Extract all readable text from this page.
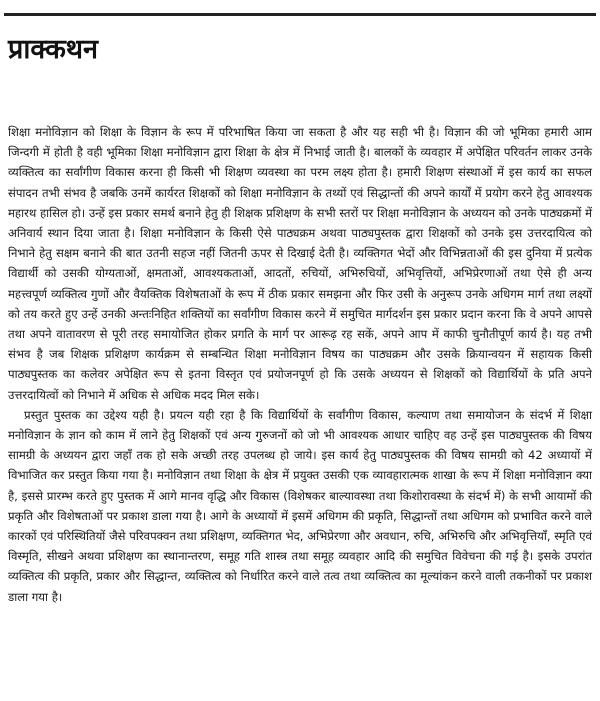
प्राक्कथन

शिक्षा मनोविज्ञान को शिक्षा के विज्ञान के रूप में परिभाषित किया जा सकता है और यह सही भी है। विज्ञान की जो भूमिका हमारी आम जिन्दगी में होती है वही भूमिका शिक्षा मनोविज्ञान द्वारा शिक्षा के क्षेत्र में निभाई जाती है। बालकों के व्यवहार में अपेक्षित परिवर्तन लाकर उनके व्यक्तित्व का सर्वांगीण विकास करना ही किसी भी शिक्षण व्यवस्था का परम लक्ष्य होता है। हमारी शिक्षण संस्थाओं में इस कार्य का सफल संपादन तभी संभव है जबकि उनमें कार्यरत शिक्षकों को शिक्षा मनोविज्ञान के तथ्यों एवं सिद्धान्तों की अपने कार्यों में प्रयोग करने हेतु आवश्यक महारथ हासिल हो। उन्हें इस प्रकार समर्थ बनाने हेतु ही शिक्षक प्रशिक्षण के सभी स्तरों पर शिक्षा मनोविज्ञान के अध्ययन को उनके पाठ्यक्रमों में अनिवार्य स्थान दिया जाता है। शिक्षा मनोविज्ञान के किसी ऐसे पाठ्यक्रम अथवा पाठ्यपुस्तक द्वारा शिक्षकों को उनके इस उत्तरदायित्व को निभाने हेतु सक्षम बनाने की बात उतनी सहज नहीं जितनी ऊपर से दिखाई देती है। व्यक्तिगत भेदों और विभिन्नताओं की इस दुनिया में प्रत्येक विद्यार्थी को उसकी योग्यताओं, क्षमताओं, आवश्यकताओं, आदतों, रुचियों, अभिरुचियों, अभिवृत्तियों, अभिप्रेरणाओं तथा ऐसे ही अन्य महत्त्वपूर्ण व्यक्तित्व गुणों और वैयक्तिक विशेषताओं के रूप में ठीक प्रकार समझना और फिर उसी के अनुरूप उनके अधिगम मार्ग तथा लक्ष्यों को तय करते हुए उन्हें उनकी अन्तःनिहित शक्तियों का सर्वांगीण विकास करने में समुचित मार्गदर्शन इस प्रकार प्रदान करना कि वे अपने आपसे तथा अपने वातावरण से पूरी तरह समायोजित होकर प्रगति के मार्ग पर आरूढ़ रह सकें, अपने आप में काफी चुनौतीपूर्ण कार्य है। यह तभी संभव है जब शिक्षक प्रशिक्षण कार्यक्रम से सम्बन्धित शिक्षा मनोविज्ञान विषय का पाठ्यक्रम और उसके क्रियान्वयन में सहायक किसी पाठ्यपुस्तक का कलेवर अपेक्षित रूप से इतना विस्तृत एवं प्रयोजनपूर्ण हो कि उसके अध्ययन से शिक्षकों को विद्यार्थियों के प्रति अपने उत्तरदायित्वों को निभाने में अधिक से अधिक मदद मिल सके।

प्रस्तुत पुस्तक का उद्देश्य यही है। प्रयत्न यही रहा है कि विद्यार्थियों के सर्वांगीण विकास, कल्याण तथा समायोजन के संदर्भ में शिक्षा मनोविज्ञान के ज्ञान को काम में लाने हेतु शिक्षकों एवं अन्य गुरुजनों को जो भी आवश्यक आधार चाहिए वह उन्हें इस पाठ्यपुस्तक की विषय सामग्री के अध्ययन द्वारा जहाँ तक हो सके अच्छी तरह उपलब्ध हो जाये। इस कार्य हेतु पाठ्यपुस्तक की विषय सामग्री को 42 अध्यायों में विभाजित कर प्रस्तुत किया गया है। मनोविज्ञान तथा शिक्षा के क्षेत्र में प्रयुक्त उसकी एक व्यावहारात्मक शाखा के रूप में शिक्षा मनोविज्ञान क्या है, इससे प्रारम्भ करते हुए पुस्तक में आगे मानव वृद्धि और विकास (विशेषकर बाल्यावस्था तथा किशोरावस्था के संदर्भ में) के सभी आयामों की प्रकृति और विशेषताओं पर प्रकाश डाला गया है। आगे के अध्यायों में इसमें अधिगम की प्रकृति, सिद्धान्तों तथा अधिगम को प्रभावित करने वाले कारकों एवं परिस्थितियों जैसे परिवपक्वन तथा प्रशिक्षण, व्यक्तिगत भेद, अभिप्रेरणा और अवधान, रुचि, अभिरुचि और अभिवृत्तियाँ, स्मृति एवं विस्मृति, सीखने अथवा प्रशिक्षण का स्थानान्तरण, समूह गति शास्त्र तथा समूह व्यवहार आदि की समुचित विवेचना की गई है। इसके उपरांत व्यक्तित्व की प्रकृति, प्रकार और सिद्धान्त, व्यक्तित्व को निर्धारित करने वाले तत्व तथा व्यक्तित्व का मूल्यांकन करने वाली तकनीकों पर प्रकाश डाला गया है।
